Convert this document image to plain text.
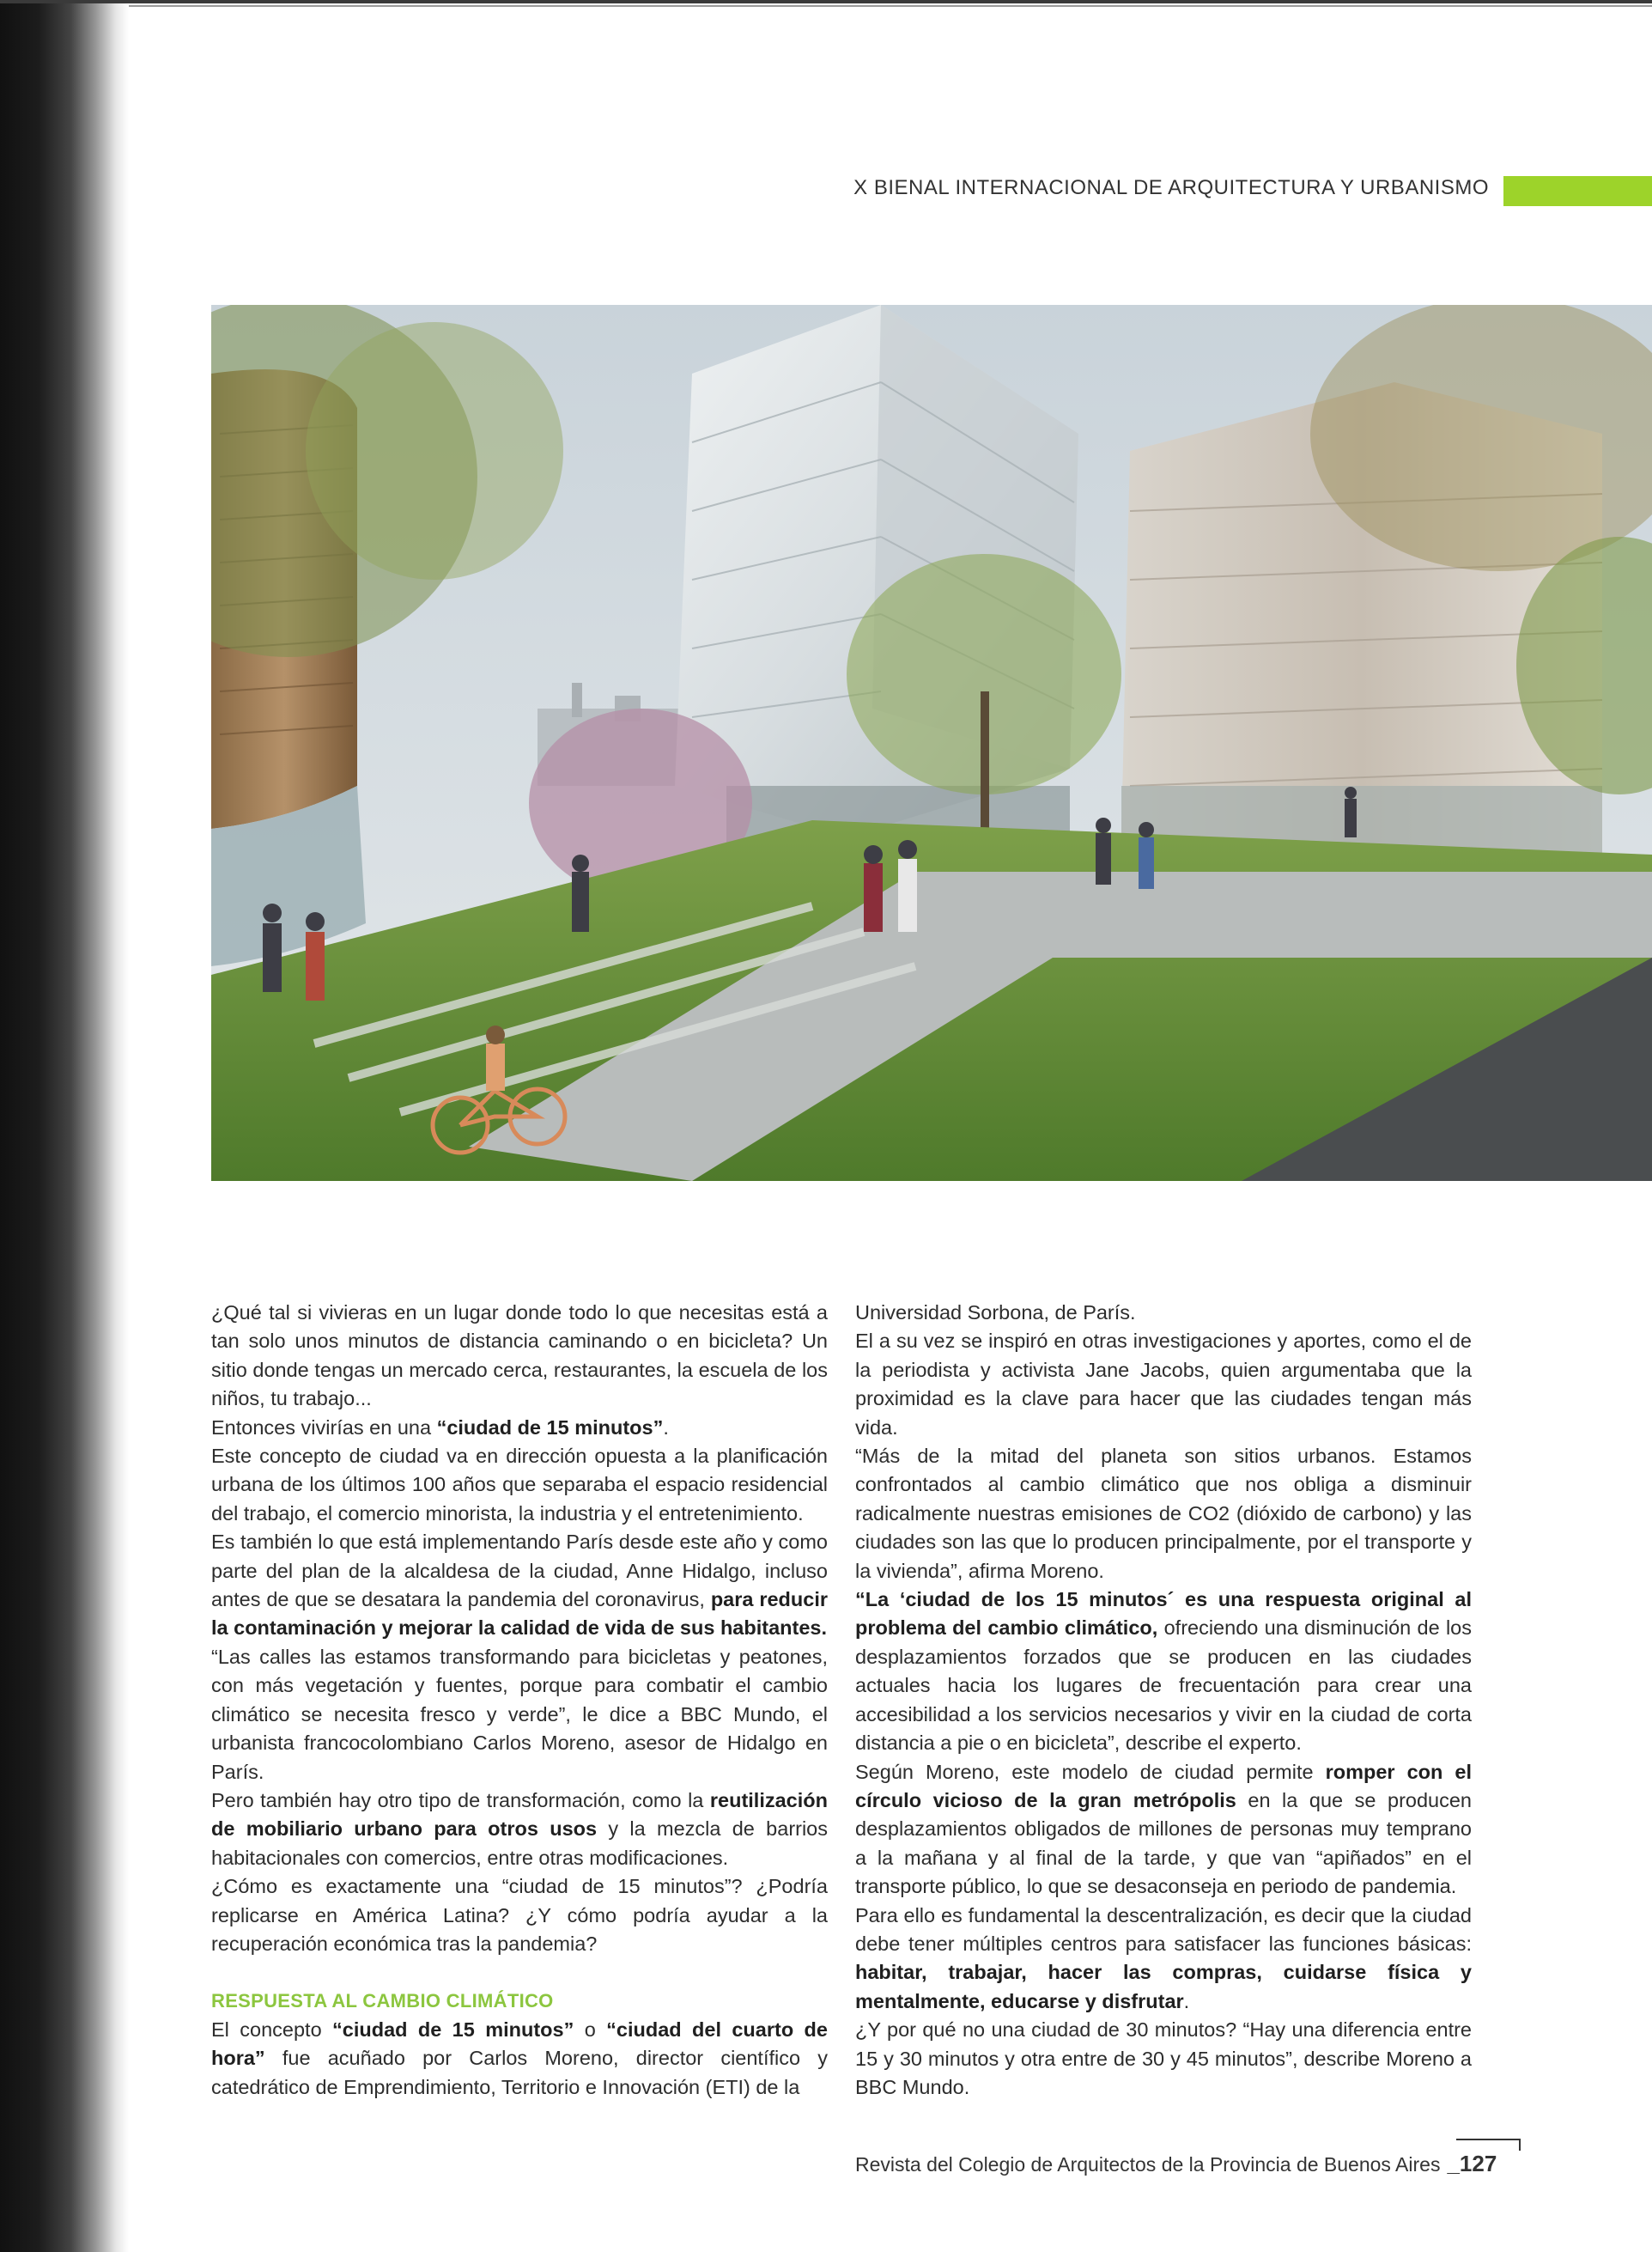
X BIENAL INTERNACIONAL DE ARQUITECTURA Y URBANISMO

¿Qué tal si vivieras en un lugar donde todo lo que necesitas está a tan solo unos minutos de distancia caminando o en bicicleta? Un sitio donde tengas un mercado cerca, restaurantes, la escuela de los niños, tu trabajo...

Entonces vivirías en una “ciudad de 15 minutos”.

Este concepto de ciudad va en dirección opuesta a la planificación urbana de los últimos 100 años que separaba el espacio residencial del trabajo, el comercio minorista, la industria y el entretenimiento.

Es también lo que está implementando París desde este año y como parte del plan de la alcaldesa de la ciudad, Anne Hidalgo, incluso antes de que se desatara la pandemia del coronavirus, para reducir la contaminación y mejorar la calidad de vida de sus habitantes.

“Las calles las estamos transformando para bicicletas y peatones, con más vegetación y fuentes, porque para combatir el cambio climático se necesita fresco y verde”, le dice a BBC Mundo, el urbanista francocolombiano Carlos Moreno, asesor de Hidalgo en París.

Pero también hay otro tipo de transformación, como la reutilización de mobiliario urbano para otros usos y la mezcla de barrios habitacionales con comercios, entre otras modificaciones.

¿Cómo es exactamente una “ciudad de 15 minutos”? ¿Podría replicarse en América Latina? ¿Y cómo podría ayudar a la recuperación económica tras la pandemia?

RESPUESTA AL CAMBIO CLIMÁTICO

El concepto “ciudad de 15 minutos” o “ciudad del cuarto de hora” fue acuñado por Carlos Moreno, director científico y catedrático de Emprendimiento, Territorio e Innovación (ETI) de la

Universidad Sorbona, de París.

El a su vez se inspiró en otras investigaciones y aportes, como el de la periodista y activista Jane Jacobs, quien argumentaba que la proximidad es la clave para hacer que las ciudades tengan más vida.

“Más de la mitad del planeta son sitios urbanos. Estamos confrontados al cambio climático que nos obliga a disminuir radicalmente nuestras emisiones de CO2 (dióxido de carbono) y las ciudades son las que lo producen principalmente, por el transporte y la vivienda”, afirma Moreno.

“La ‘ciudad de los 15 minutos´ es una respuesta original al problema del cambio climático, ofreciendo una disminución de los desplazamientos forzados que se producen en las ciudades actuales hacia los lugares de frecuentación para crear una accesibilidad a los servicios necesarios y vivir en la ciudad de corta distancia a pie o en bicicleta”, describe el experto.

Según Moreno, este modelo de ciudad permite romper con el círculo vicioso de la gran metrópolis en la que se producen desplazamientos obligados de millones de personas muy temprano a la mañana y al final de la tarde, y que van “apiñados” en el transporte público, lo que se desaconseja en periodo de pandemia.

Para ello es fundamental la descentralización, es decir que la ciudad debe tener múltiples centros para satisfacer las funciones básicas: habitar, trabajar, hacer las compras, cuidarse física y mentalmente, educarse y disfrutar.

¿Y por qué no una ciudad de 30 minutos? “Hay una diferencia entre 15 y 30 minutos y otra entre de 30 y 45 minutos”, describe Moreno a BBC Mundo.

Revista del Colegio de Arquitectos de la Provincia de Buenos Aires _127
